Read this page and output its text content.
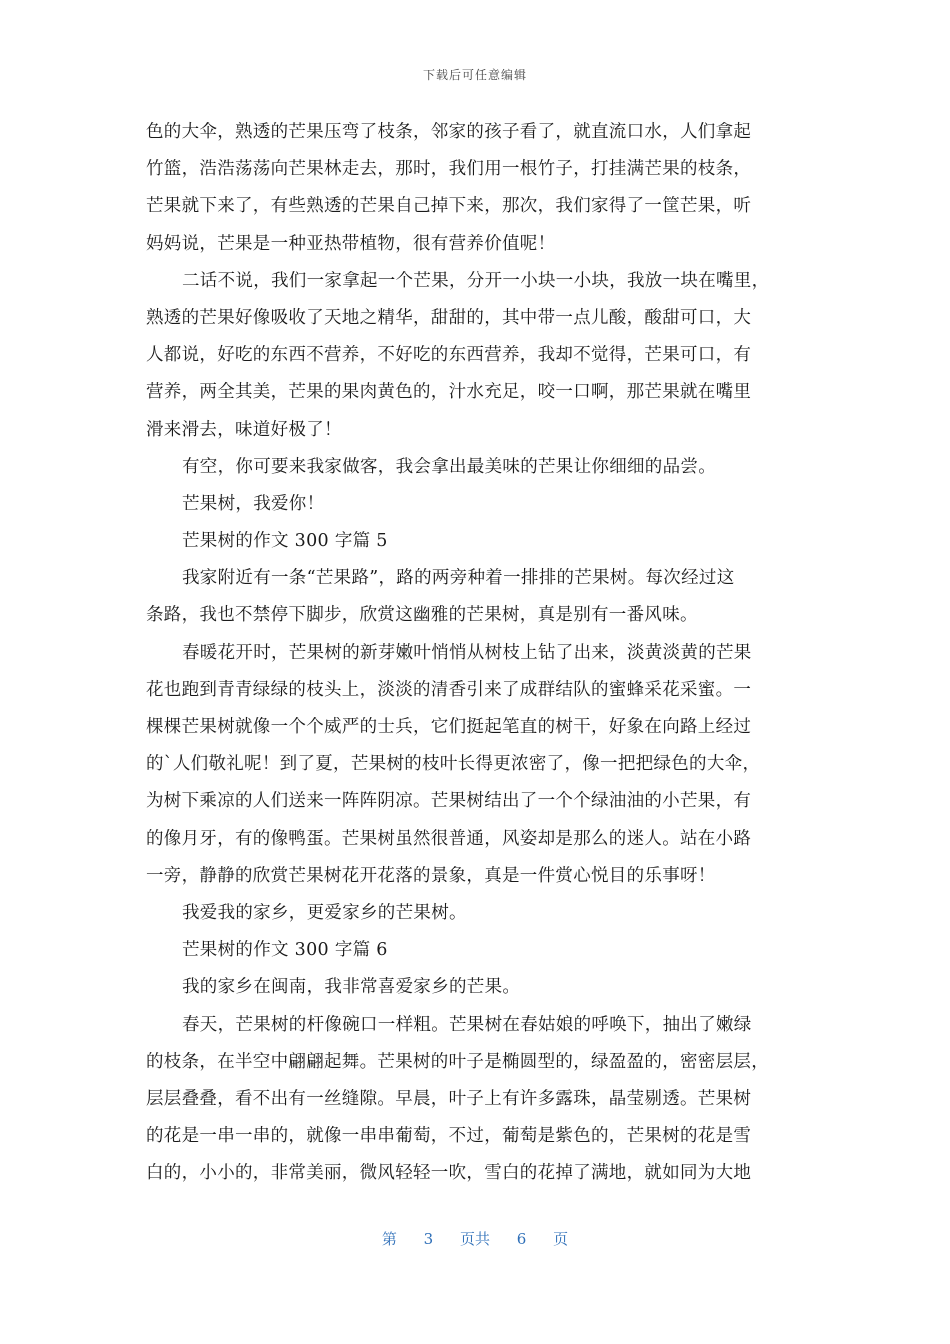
下载后可任意编辑
色的大伞，熟透的芒果压弯了枝条，邻家的孩子看了，就直流口水，人们拿起
竹篮，浩浩荡荡向芒果林走去，那时，我们用一根竹子，打挂满芒果的枝条，
芒果就下来了，有些熟透的芒果自己掉下来，那次，我们家得了一筐芒果，听
妈妈说，芒果是一种亚热带植物，很有营养价值呢！
二话不说，我们一家拿起一个芒果，分开一小块一小块，我放一块在嘴里，
熟透的芒果好像吸收了天地之精华，甜甜的，其中带一点儿酸，酸甜可口，大
人都说，好吃的东西不营养，不好吃的东西营养，我却不觉得，芒果可口，有
营养，两全其美，芒果的果肉黄色的，汁水充足，咬一口啊，那芒果就在嘴里
滑来滑去，味道好极了！
有空，你可要来我家做客，我会拿出最美味的芒果让你细细的品尝。
芒果树，我爱你！
芒果树的作文 300 字篇 5
我家附近有一条“芒果路”，路的两旁种着一排排的芒果树。每次经过这
条路，我也不禁停下脚步，欣赏这幽雅的芒果树，真是别有一番风味。
春暖花开时，芒果树的新芽嫩叶悄悄从树枝上钻了出来，淡黄淡黄的芒果
花也跑到青青绿绿的枝头上，淡淡的清香引来了成群结队的蜜蜂采花采蜜。一
棵棵芒果树就像一个个威严的士兵，它们挺起笔直的树干，好象在向路上经过
的`人们敬礼呢！到了夏，芒果树的枝叶长得更浓密了，像一把把绿色的大伞，
为树下乘凉的人们送来一阵阵阴凉。芒果树结出了一个个绿油油的小芒果，有
的像月牙，有的像鸭蛋。芒果树虽然很普通，风姿却是那么的迷人。站在小路
一旁，静静的欣赏芒果树花开花落的景象，真是一件赏心悦目的乐事呀！
我爱我的家乡，更爱家乡的芒果树。
芒果树的作文 300 字篇 6
我的家乡在闽南，我非常喜爱家乡的芒果。
春天，芒果树的杆像碗口一样粗。芒果树在春姑娘的呼唤下，抽出了嫩绿
的枝条，在半空中翩翩起舞。芒果树的叶子是椭圆型的，绿盈盈的，密密层层，
层层叠叠，看不出有一丝缝隙。早晨，叶子上有许多露珠，晶莹剔透。芒果树
的花是一串一串的，就像一串串葡萄，不过，葡萄是紫色的，芒果树的花是雪
白的，小小的，非常美丽，微风轻轻一吹，雪白的花掉了满地，就如同为大地
第 3 页共 6 页
